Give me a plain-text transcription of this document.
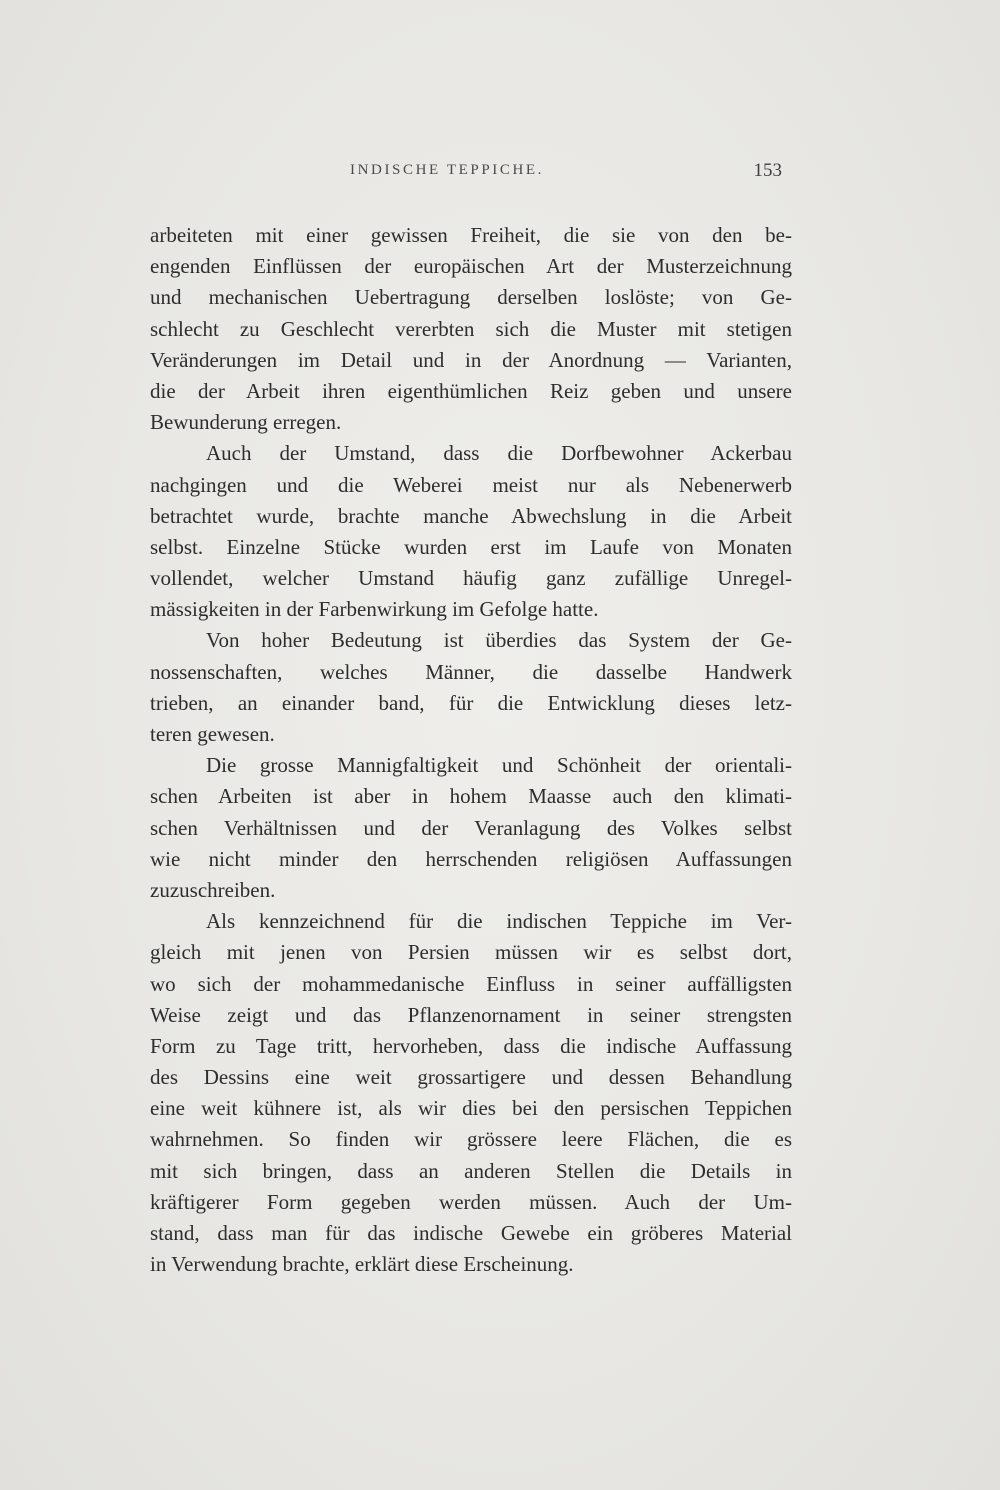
INDISCHE TEPPICHE.	153
arbeiteten mit einer gewissen Freiheit, die sie von den be-
engenden Einflüssen der europäischen Art der Musterzeichnung
und mechanischen Uebertragung derselben loslöste; von Ge-
schlecht zu Geschlecht vererbten sich die Muster mit stetigen
Veränderungen im Detail und in der Anordnung — Varianten,
die der Arbeit ihren eigenthümlichen Reiz geben und unsere
Bewunderung erregen.
Auch der Umstand, dass die Dorfbewohner Ackerbau
nachgingen und die Weberei meist nur als Nebenerwerb
betrachtet wurde, brachte manche Abwechslung in die Arbeit
selbst. Einzelne Stücke wurden erst im Laufe von Monaten
vollendet, welcher Umstand häufig ganz zufällige Unregel-
mässigkeiten in der Farbenwirkung im Gefolge hatte.
Von hoher Bedeutung ist überdies das System der Ge-
nossenschaften, welches Männer, die dasselbe Handwerk
trieben, an einander band, für die Entwicklung dieses letz-
teren gewesen.
Die grosse Mannigfaltigkeit und Schönheit der orientali-
schen Arbeiten ist aber in hohem Maasse auch den klimati-
schen Verhältnissen und der Veranlagung des Volkes selbst
wie nicht minder den herrschenden religiösen Auffassungen
zuzuschreiben.
Als kennzeichnend für die indischen Teppiche im Ver-
gleich mit jenen von Persien müssen wir es selbst dort,
wo sich der mohammedanische Einfluss in seiner auffälligsten
Weise zeigt und das Pflanzenornament in seiner strengsten
Form zu Tage tritt, hervorheben, dass die indische Auffassung
des Dessins eine weit grossartigere und dessen Behandlung
eine weit kühnere ist, als wir dies bei den persischen Teppichen
wahrnehmen. So finden wir grössere leere Flächen, die es
mit sich bringen, dass an anderen Stellen die Details in
kräftigerer Form gegeben werden müssen. Auch der Um-
stand, dass man für das indische Gewebe ein gröberes Material
in Verwendung brachte, erklärt diese Erscheinung.
